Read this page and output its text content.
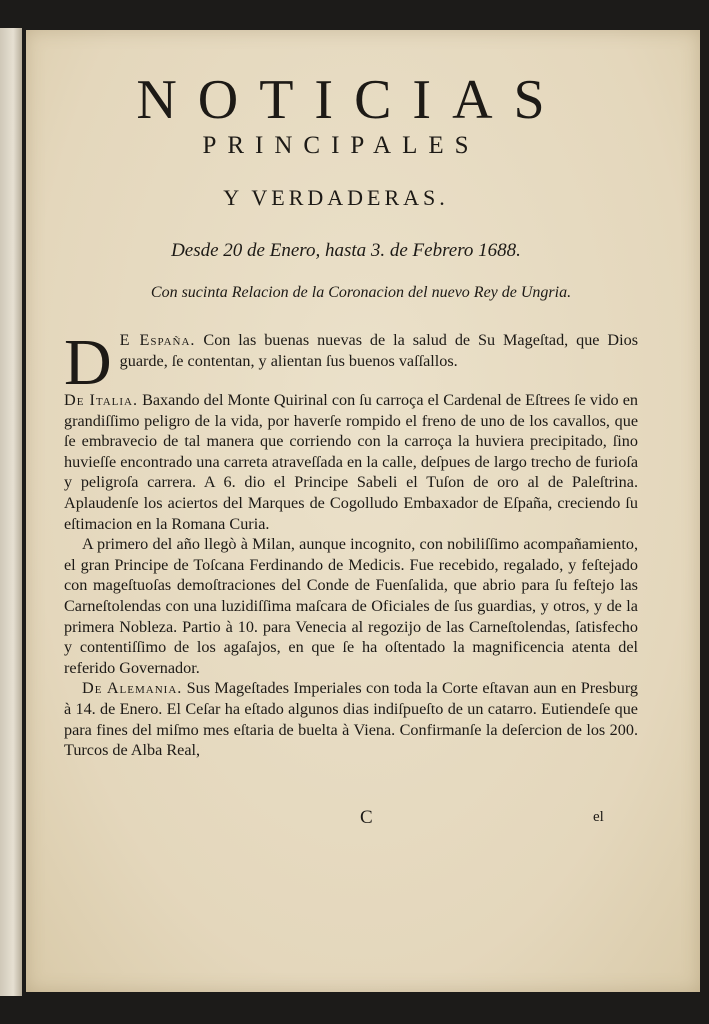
NOTICIAS
PRINCIPALES
Y VERDADERAS.
Desde 20 de Enero, hasta 3. de Febrero 1688.
Con sucinta Relacion de la Coronacion del nuevo Rey de Ungria.

D E España. Con las buenas nuevas de la salud de Su Mageſtad, que Dios guarde, ſe contentan, y alientan ſus buenos vaſſallos.

De Italia. Baxando del Monte Quirinal con ſu carroça el Cardenal de Eſtrees ſe vido en grandiſſimo peligro de la vida, por haverſe rompido el freno de uno de los cavallos, que ſe embravecio de tal manera que corriendo con la carroça la huviera precipitado, ſino huvieſſe encontrado una carreta atraveſſada en la calle, deſpues de largo trecho de furioſa y peligroſa carrera. A 6. dio el Principe Sabeli el Tuſon de oro al de Paleſtrina. Aplaudenſe los aciertos del Marques de Cogolludo Embaxador de Eſpaña, creciendo ſu eſtimacion en la Romana Curia.

A primero del año llegò à Milan, aunque incognito, con nobiliſſimo acompañamiento, el gran Principe de Toſcana Ferdinando de Medicis. Fue recebido, regalado, y feſtejado con mageſtuoſas demoſtraciones del Conde de Fuenſalida, que abrio para ſu feſtejo las Carneſtolendas con una luzidiſſima maſcara de Oficiales de ſus guardias, y otros, y de la primera Nobleza. Partio à 10. para Venecia al regozijo de las Carneſtolendas, ſatisfecho y contentiſſimo de los agaſajos, en que ſe ha oſtentado la magnificencia atenta del referido Governador.

De Alemania. Sus Mageſtades Imperiales con toda la Corte eſtavan aun en Presburg à 14. de Enero. El Ceſar ha eſtado algunos dias indiſpueſto de un catarro. Eutiendeſe que para fines del miſmo mes eſtaria de buelta à Viena. Confirmanſe la deſercion de los 200. Turcos de Alba Real,

C	el
